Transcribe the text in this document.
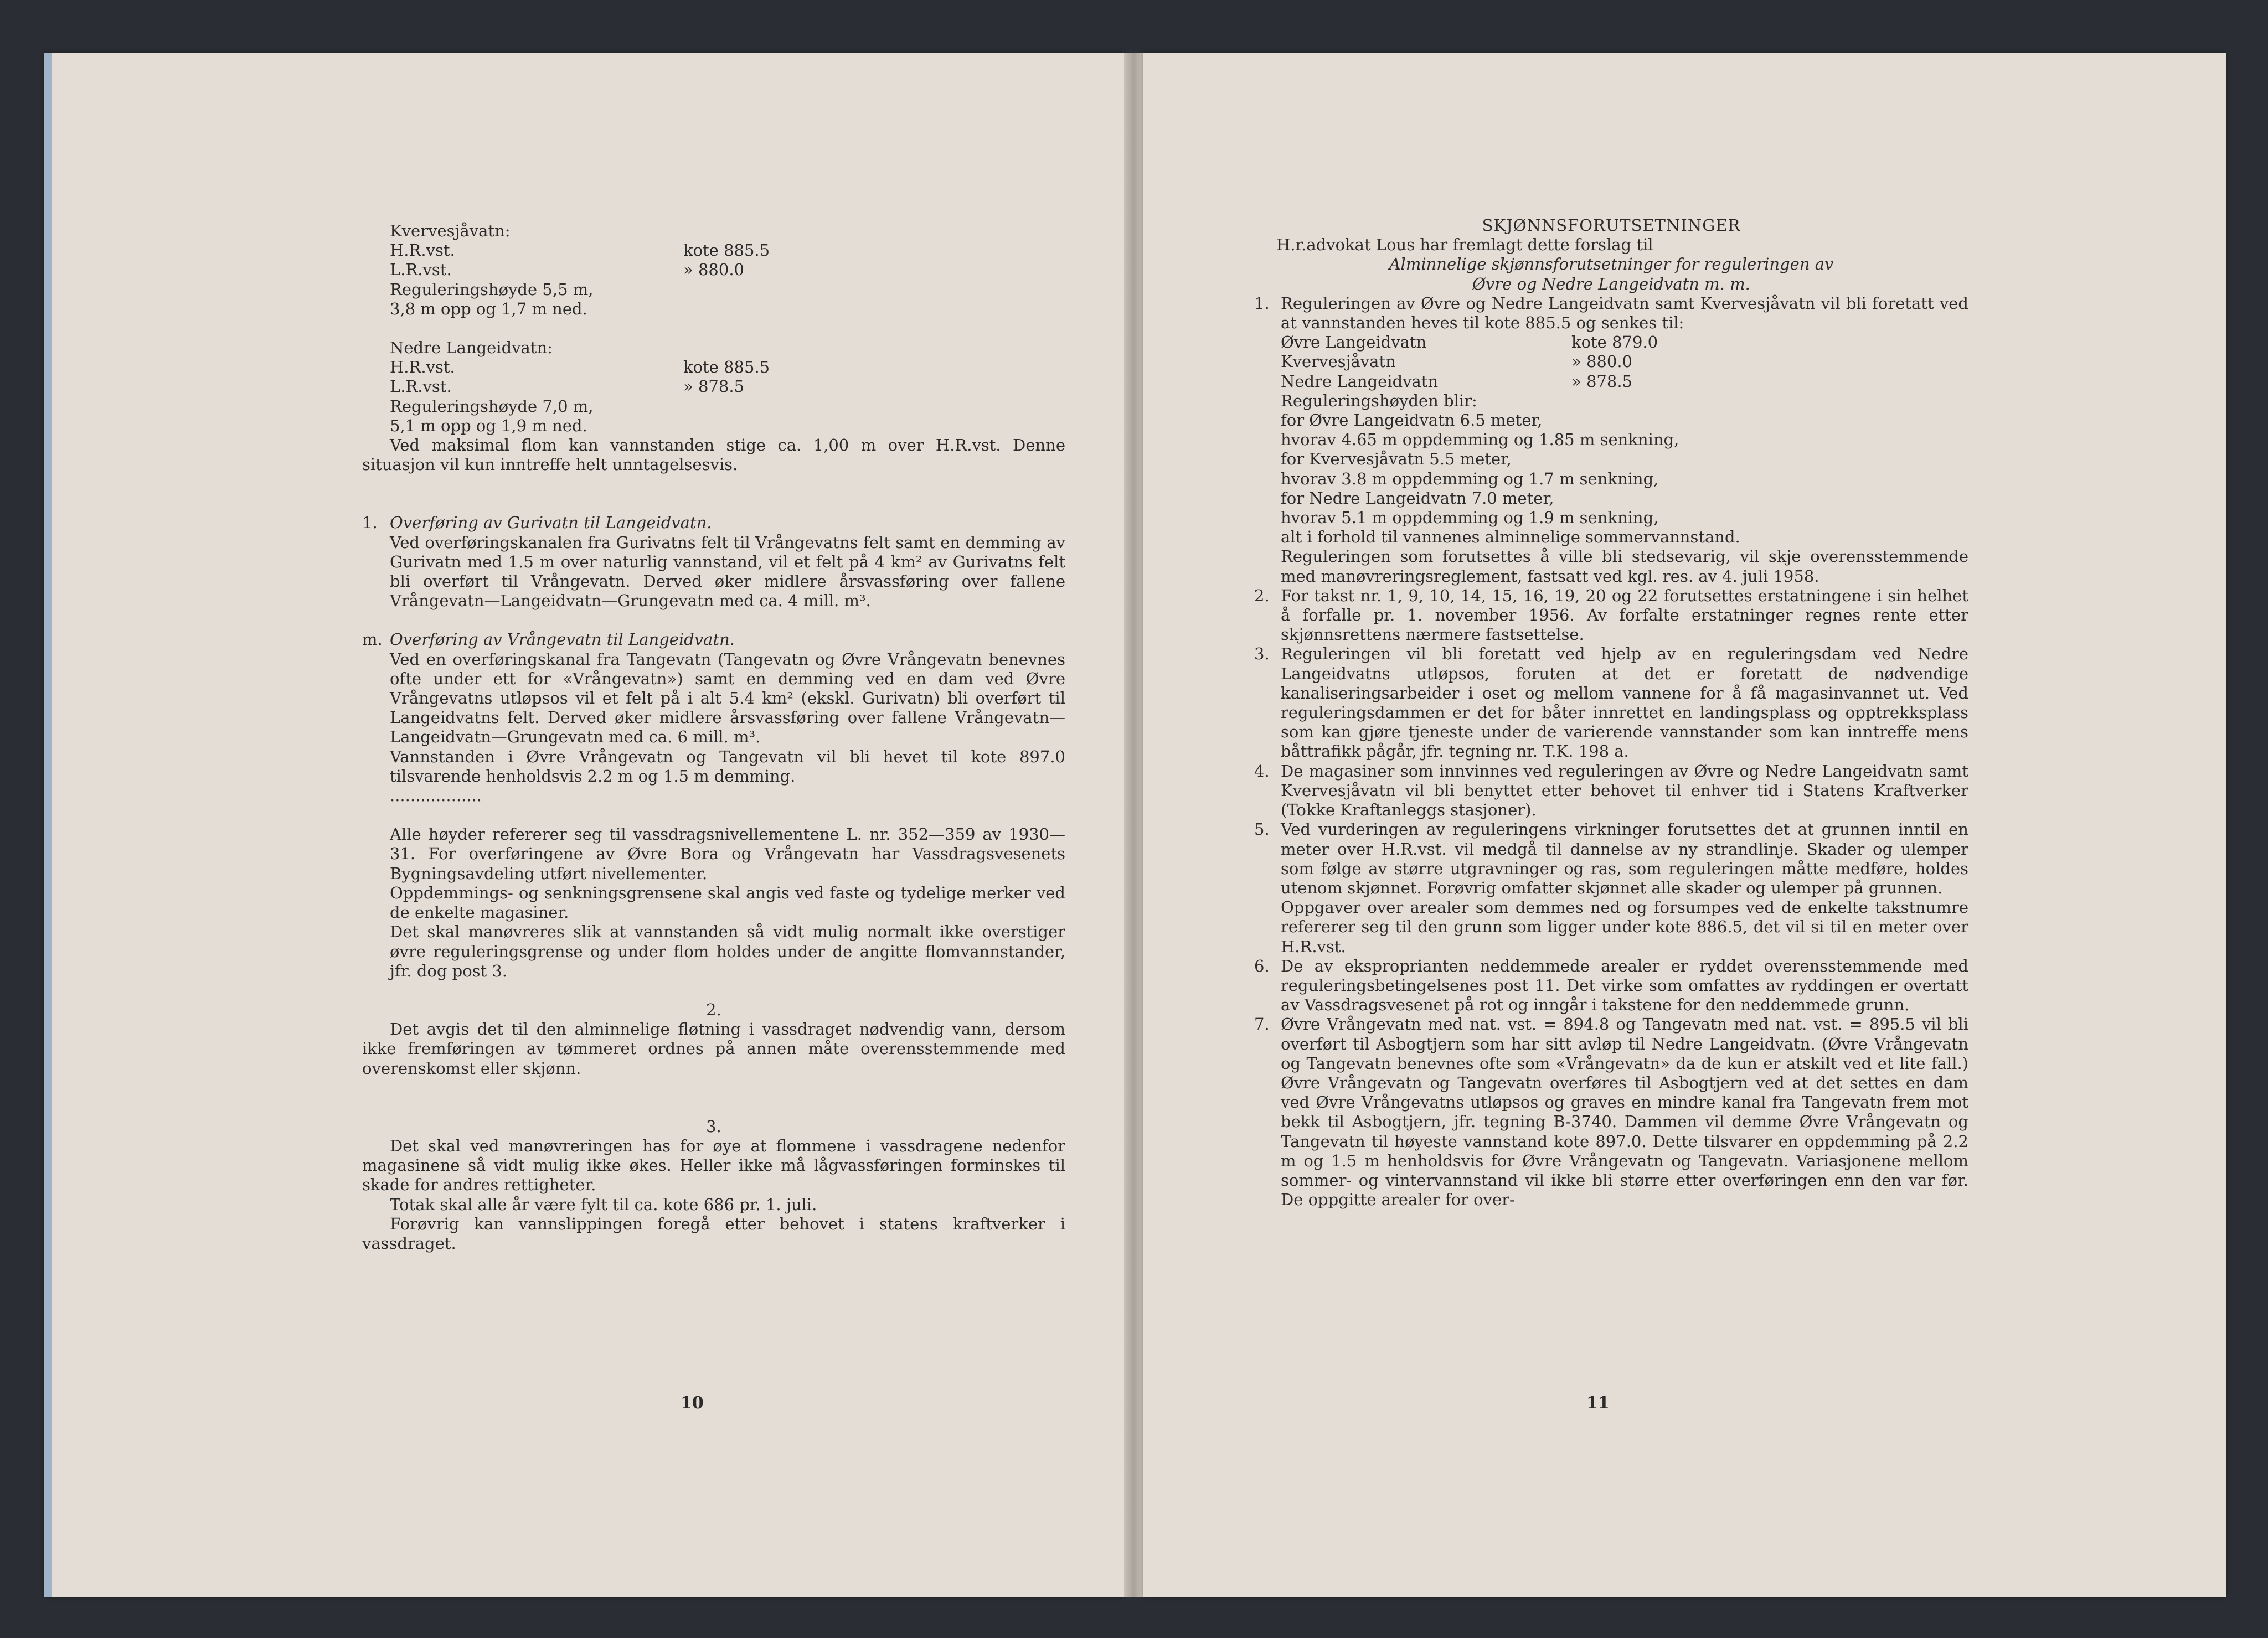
Kvervesjåvatn:
H.R.vst.	kote 885.5
L.R.vst.	» 880.0

Reguleringshøyde 5,5 m,

3,8 m opp og 1,7 m ned.

Nedre Langeidvatn:
H.R.vst.	kote 885.5
L.R.vst.	» 878.5

Reguleringshøyde 7,0 m,

5,1 m opp og 1,9 m ned.

Ved maksimal flom kan vannstanden stige ca. 1,00 m over H.R.vst. Denne situasjon vil kun inntreffe helt unntagelsesvis.

1. Overføring av Gurivatn til Langeidvatn.

Ved overføringskanalen fra Gurivatns felt til Vrångevatns felt samt en demming av Gurivatn med 1.5 m over naturlig vannstand, vil et felt på 4 km² av Gurivatns felt bli overført til Vrångevatn. Derved øker midlere årsvassføring over fallene Vrångevatn—Langeidvatn—Grungevatn med ca. 4 mill. m³.

m. Overføring av Vrångevatn til Langeidvatn.

Ved en overføringskanal fra Tangevatn (Tangevatn og Øvre Vrångevatn benevnes ofte under ett for «Vrångevatn») samt en demming ved en dam ved Øvre Vrångevatns utløpsos vil et felt på i alt 5.4 km² (ekskl. Gurivatn) bli overført til Langeidvatns felt. Derved øker midlere årsvassføring over fallene Vrångevatn—Langeidvatn—Grungevatn med ca. 6 mill. m³.

Vannstanden i Øvre Vrångevatn og Tangevatn vil bli hevet til kote 897.0 tilsvarende henholdsvis 2.2 m og 1.5 m demming.

..................

Alle høyder refererer seg til vassdragsnivellementene L. nr. 352—359 av 1930—31. For overføringene av Øvre Bora og Vrångevatn har Vassdragsvesenets Bygningsavdeling utført nivellementer.

Oppdemmings- og senkningsgrensene skal angis ved faste og tydelige merker ved de enkelte magasiner.

Det skal manøvreres slik at vannstanden så vidt mulig normalt ikke overstiger øvre reguleringsgrense og under flom holdes under de angitte flomvannstander, jfr. dog post 3.

2.

Det avgis det til den alminnelige fløtning i vassdraget nødvendig vann, dersom ikke fremføringen av tømmeret ordnes på annen måte overensstemmende med overenskomst eller skjønn.

3.

Det skal ved manøvreringen has for øye at flommene i vassdragene nedenfor magasinene så vidt mulig ikke økes. Heller ikke må lågvassføringen forminskes til skade for andres rettigheter.

Totak skal alle år være fylt til ca. kote 686 pr. 1. juli.

Forøvrig kan vannslippingen foregå etter behovet i statens kraftverker i vassdraget.

10

SKJØNNSFORUTSETNINGER

H.r.advokat Lous har fremlagt dette forslag til

Alminnelige skjønnsforutsetninger for reguleringen av

Øvre og Nedre Langeidvatn m. m.

1. Reguleringen av Øvre og Nedre Langeidvatn samt Kvervesjåvatn vil bli foretatt ved at vannstanden heves til kote 885.5 og senkes til:

Øvre Langeidvatn	kote 879.0
Kvervesjåvatn	» 880.0
Nedre Langeidvatn	» 878.5

Reguleringshøyden blir:

for Øvre Langeidvatn 6.5 meter,

hvorav 4.65 m oppdemming og 1.85 m senkning,

for Kvervesjåvatn 5.5 meter,

hvorav 3.8 m oppdemming og 1.7 m senkning,

for Nedre Langeidvatn 7.0 meter,

hvorav 5.1 m oppdemming og 1.9 m senkning,

alt i forhold til vannenes alminnelige sommervannstand.

Reguleringen som forutsettes å ville bli stedsevarig, vil skje overensstemmende med manøvreringsreglement, fastsatt ved kgl. res. av 4. juli 1958.

2. For takst nr. 1, 9, 10, 14, 15, 16, 19, 20 og 22 forutsettes erstatningene i sin helhet å forfalle pr. 1. november 1956. Av forfalte erstatninger regnes rente etter skjønnsrettens nærmere fastsettelse.

3. Reguleringen vil bli foretatt ved hjelp av en reguleringsdam ved Nedre Langeidvatns utløpsos, foruten at det er foretatt de nødvendige kanaliseringsarbeider i oset og mellom vannene for å få magasinvannet ut. Ved reguleringsdammen er det for båter innrettet en landingsplass og opptrekksplass som kan gjøre tjeneste under de varierende vannstander som kan inntreffe mens båttrafikk pågår, jfr. tegning nr. T.K. 198 a.

4. De magasiner som innvinnes ved reguleringen av Øvre og Nedre Langeidvatn samt Kvervesjåvatn vil bli benyttet etter behovet til enhver tid i Statens Kraftverker (Tokke Kraftanleggs stasjoner).

5. Ved vurderingen av reguleringens virkninger forutsettes det at grunnen inntil en meter over H.R.vst. vil medgå til dannelse av ny strandlinje. Skader og ulemper som følge av større utgravninger og ras, som reguleringen måtte medføre, holdes utenom skjønnet. Forøvrig omfatter skjønnet alle skader og ulemper på grunnen.

Oppgaver over arealer som demmes ned og forsumpes ved de enkelte takstnumre refererer seg til den grunn som ligger under kote 886.5, det vil si til en meter over H.R.vst.

6. De av eksproprianten neddemmede arealer er ryddet overensstemmende med reguleringsbetingelsenes post 11. Det virke som omfattes av ryddingen er overtatt av Vassdragsvesenet på rot og inngår i takstene for den neddemmede grunn.

7. Øvre Vrångevatn med nat. vst. = 894.8 og Tangevatn med nat. vst. = 895.5 vil bli overført til Asbogtjern som har sitt avløp til Nedre Langeidvatn. (Øvre Vrångevatn og Tangevatn benevnes ofte som «Vrångevatn» da de kun er atskilt ved et lite fall.) Øvre Vrångevatn og Tangevatn overføres til Asbogtjern ved at det settes en dam ved Øvre Vrångevatns utløpsos og graves en mindre kanal fra Tangevatn frem mot bekk til Asbogtjern, jfr. tegning B-3740. Dammen vil demme Øvre Vrångevatn og Tangevatn til høyeste vannstand kote 897.0. Dette tilsvarer en oppdemming på 2.2 m og 1.5 m henholdsvis for Øvre Vrångevatn og Tangevatn. Variasjonene mellom sommer- og vintervannstand vil ikke bli større etter overføringen enn den var før. De oppgitte arealer for over-

11
